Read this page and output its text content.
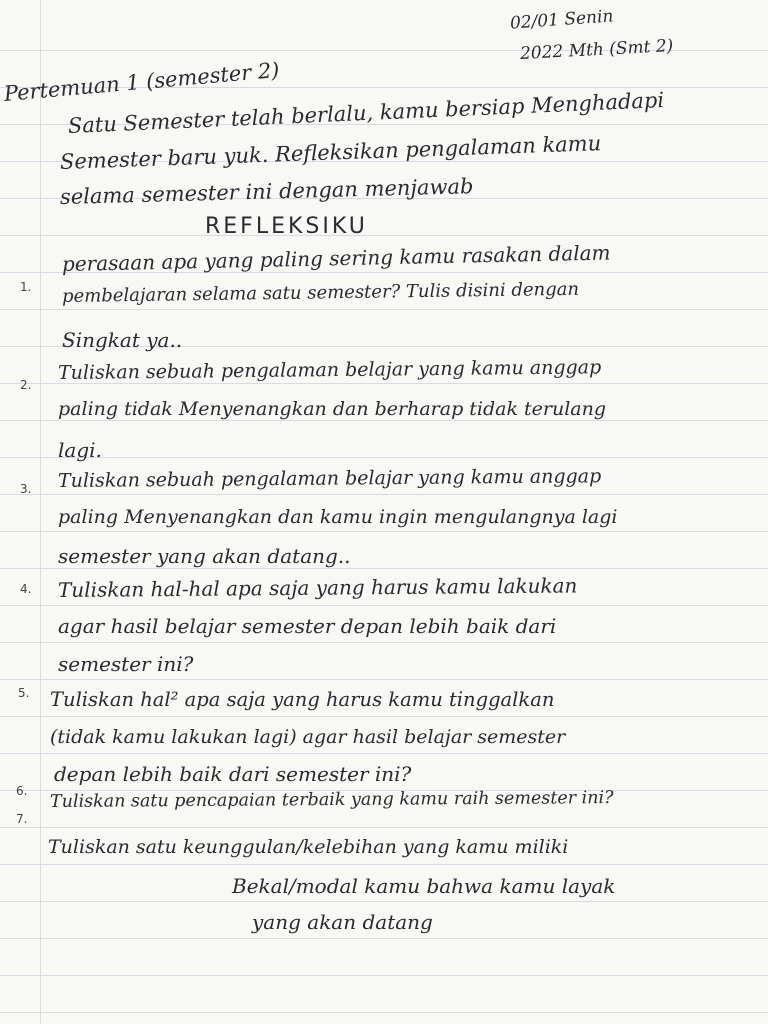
02/01 Senin
2022 Mth (Smt 2)
Pertemuan 1 (semester 2)
Satu Semester telah berlalu, kamu bersiap Menghadapi
Semester baru yuk. Refleksikan pengalaman kamu
selama semester ini dengan menjawab
REFLEKSIKU
1.
perasaan apa yang paling sering kamu rasakan dalam
pembelajaran selama satu semester? Tulis disini dengan
Singkat ya..
2.
Tuliskan sebuah pengalaman belajar yang kamu anggap
paling tidak Menyenangkan dan berharap tidak terulang
lagi.
3. Tuliskan sebuah pengalaman belajar yang kamu anggap
paling Menyenangkan dan kamu ingin mengulangnya lagi
semester yang akan datang..
4. Tuliskan hal-hal apa saja yang harus kamu lakukan
agar hasil belajar semester depan lebih baik dari
semester ini?
5. Tuliskan hal² apa saja yang harus kamu tinggalkan
(tidak kamu lakukan lagi) agar hasil belajar semester
depan lebih baik dari semester ini?
6. Tuliskan satu pencapaian terbaik yang kamu raih semester ini?
7.
Tuliskan satu keunggulan/kelebihan yang kamu miliki
Bekal/modal kamu bahwa kamu layak
yang akan datang
